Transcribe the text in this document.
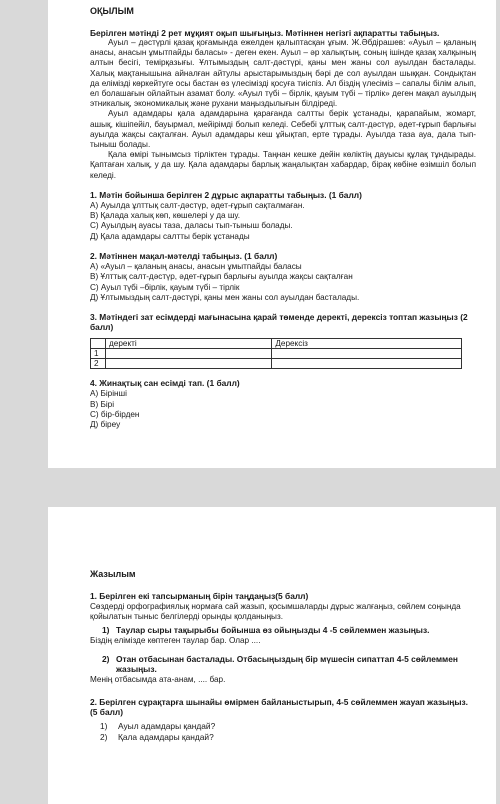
ОҚЫЛЫМ

Берілген мәтінді 2 рет мұқият оқып шығыңыз. Мәтіннен негізгі ақпаратты табыңыз.

Ауыл – дәстүрлі қазақ қоғамында ежелден қалыптасқан ұғым. Ж.Әбдірашев: «Ауыл – қаланың анасы, анасын ұмытпайды баласы» - деген екен. Ауыл – әр халықтың, соның ішінде қазақ халқының алтын бесігі, темірқазығы. Ұлтымыздың салт-дәстүрі, қаны мен жаны сол ауылдан басталады. Халық мақтанышына айналған айтулы арыстарымыздың бәрі де сол ауылдан шыққан. Сондықтан да елімізді көркейтуге осы бастан өз үлесімізді қосуға тиіспіз. Ал біздің үлесіміз – сапалы білім алып, ел болашағын ойлайтын азамат болу. «Ауыл түбі – бірлік, қауым түбі – тірлік» деген мақал ауылдың этникалық, экономикалық және рухани маңыздылығын білдіреді.

Ауыл адамдары қала адамдарына қарағанда салтты берік ұстанады, қарапайым, жомарт, ашық, кішіпейіл, бауырмал, мейірімді болып келеді. Себебі ұлттық салт-дәстүр, әдет-ғұрып барлығы ауылда жақсы сақталған. Ауыл адамдары кеш ұйықтап, ерте тұрады. Ауылда таза ауа, дала тып-тыныш болады.

Қала өмірі тынымсыз тірліктен тұрады. Таңнан кешке дейін көліктің дауысы құлақ тұндырады. Қаптаған халық, у да шу. Қала адамдары барлық жаңалықтан хабардар, бірақ көбіне өзімшіл болып келеді.

1. Мәтін бойынша берілген 2 дұрыс ақпаратты табыңыз. (1 балл)

А) Ауылда ұлттық салт-дәстүр, әдет-ғұрып сақталмаған.

В) Қалада халық көп, көшелері у да шу.

С) Ауылдың ауасы таза, даласы тып-тыныш болады.

Д) Қала адамдары салтты берік ұстанады

2. Мәтіннен мақал-мәтелді табыңыз. (1 балл)

А) «Ауыл – қаланың анасы, анасын ұмытпайды баласы

В) Ұлттық салт-дәстүр, әдет-ғұрып барлығы ауылда жақсы сақталған

С) Ауыл түбі –бірлік, қауым түбі – тірлік

Д) Ұлтымыздың салт-дәстүрі, қаны мен жаны сол ауылдан басталады.

3. Мәтіндегі зат есімдерді мағынасына қарай төменде деректі, дерексіз топтап жазыңыз (2 балл)

	деректі	Дерексіз
1		
2		

4. Жинақтық сан есімді тап. (1 балл)

А) Біріншi

В) Бірі

С) бір-бірден

Д) біреу

Жазылым

1. Берілген екі тапсырманың бірін таңдаңыз(5 балл)

Сөздерді орфографиялық нормаға сай жазып, қосымшаларды дұрыс жалғаңыз, сөйлем соңында қойылатын тыныс белгілерді орынды қолданыңыз.

1) Таулар сыры тақырыбы бойынша өз ойыңызды 4 -5 сөйлеммен жазыңыз.

Біздің елімізде көптеген таулар бар. Олар ....

2) Отан отбасынан басталады. Отбасыңыздың бір мүшесін сипаттап 4-5 сөйлеммен жазыңыз.

Менің отбасымда ата-анам, .... бар.

2. Берілген сұрақтарға шынайы өмірмен байланыстырып, 4-5 сөйлеммен жауап жазыңыз. (5 балл)

1)	Ауыл адамдары қандай?
2)	Қала адамдары қандай?
